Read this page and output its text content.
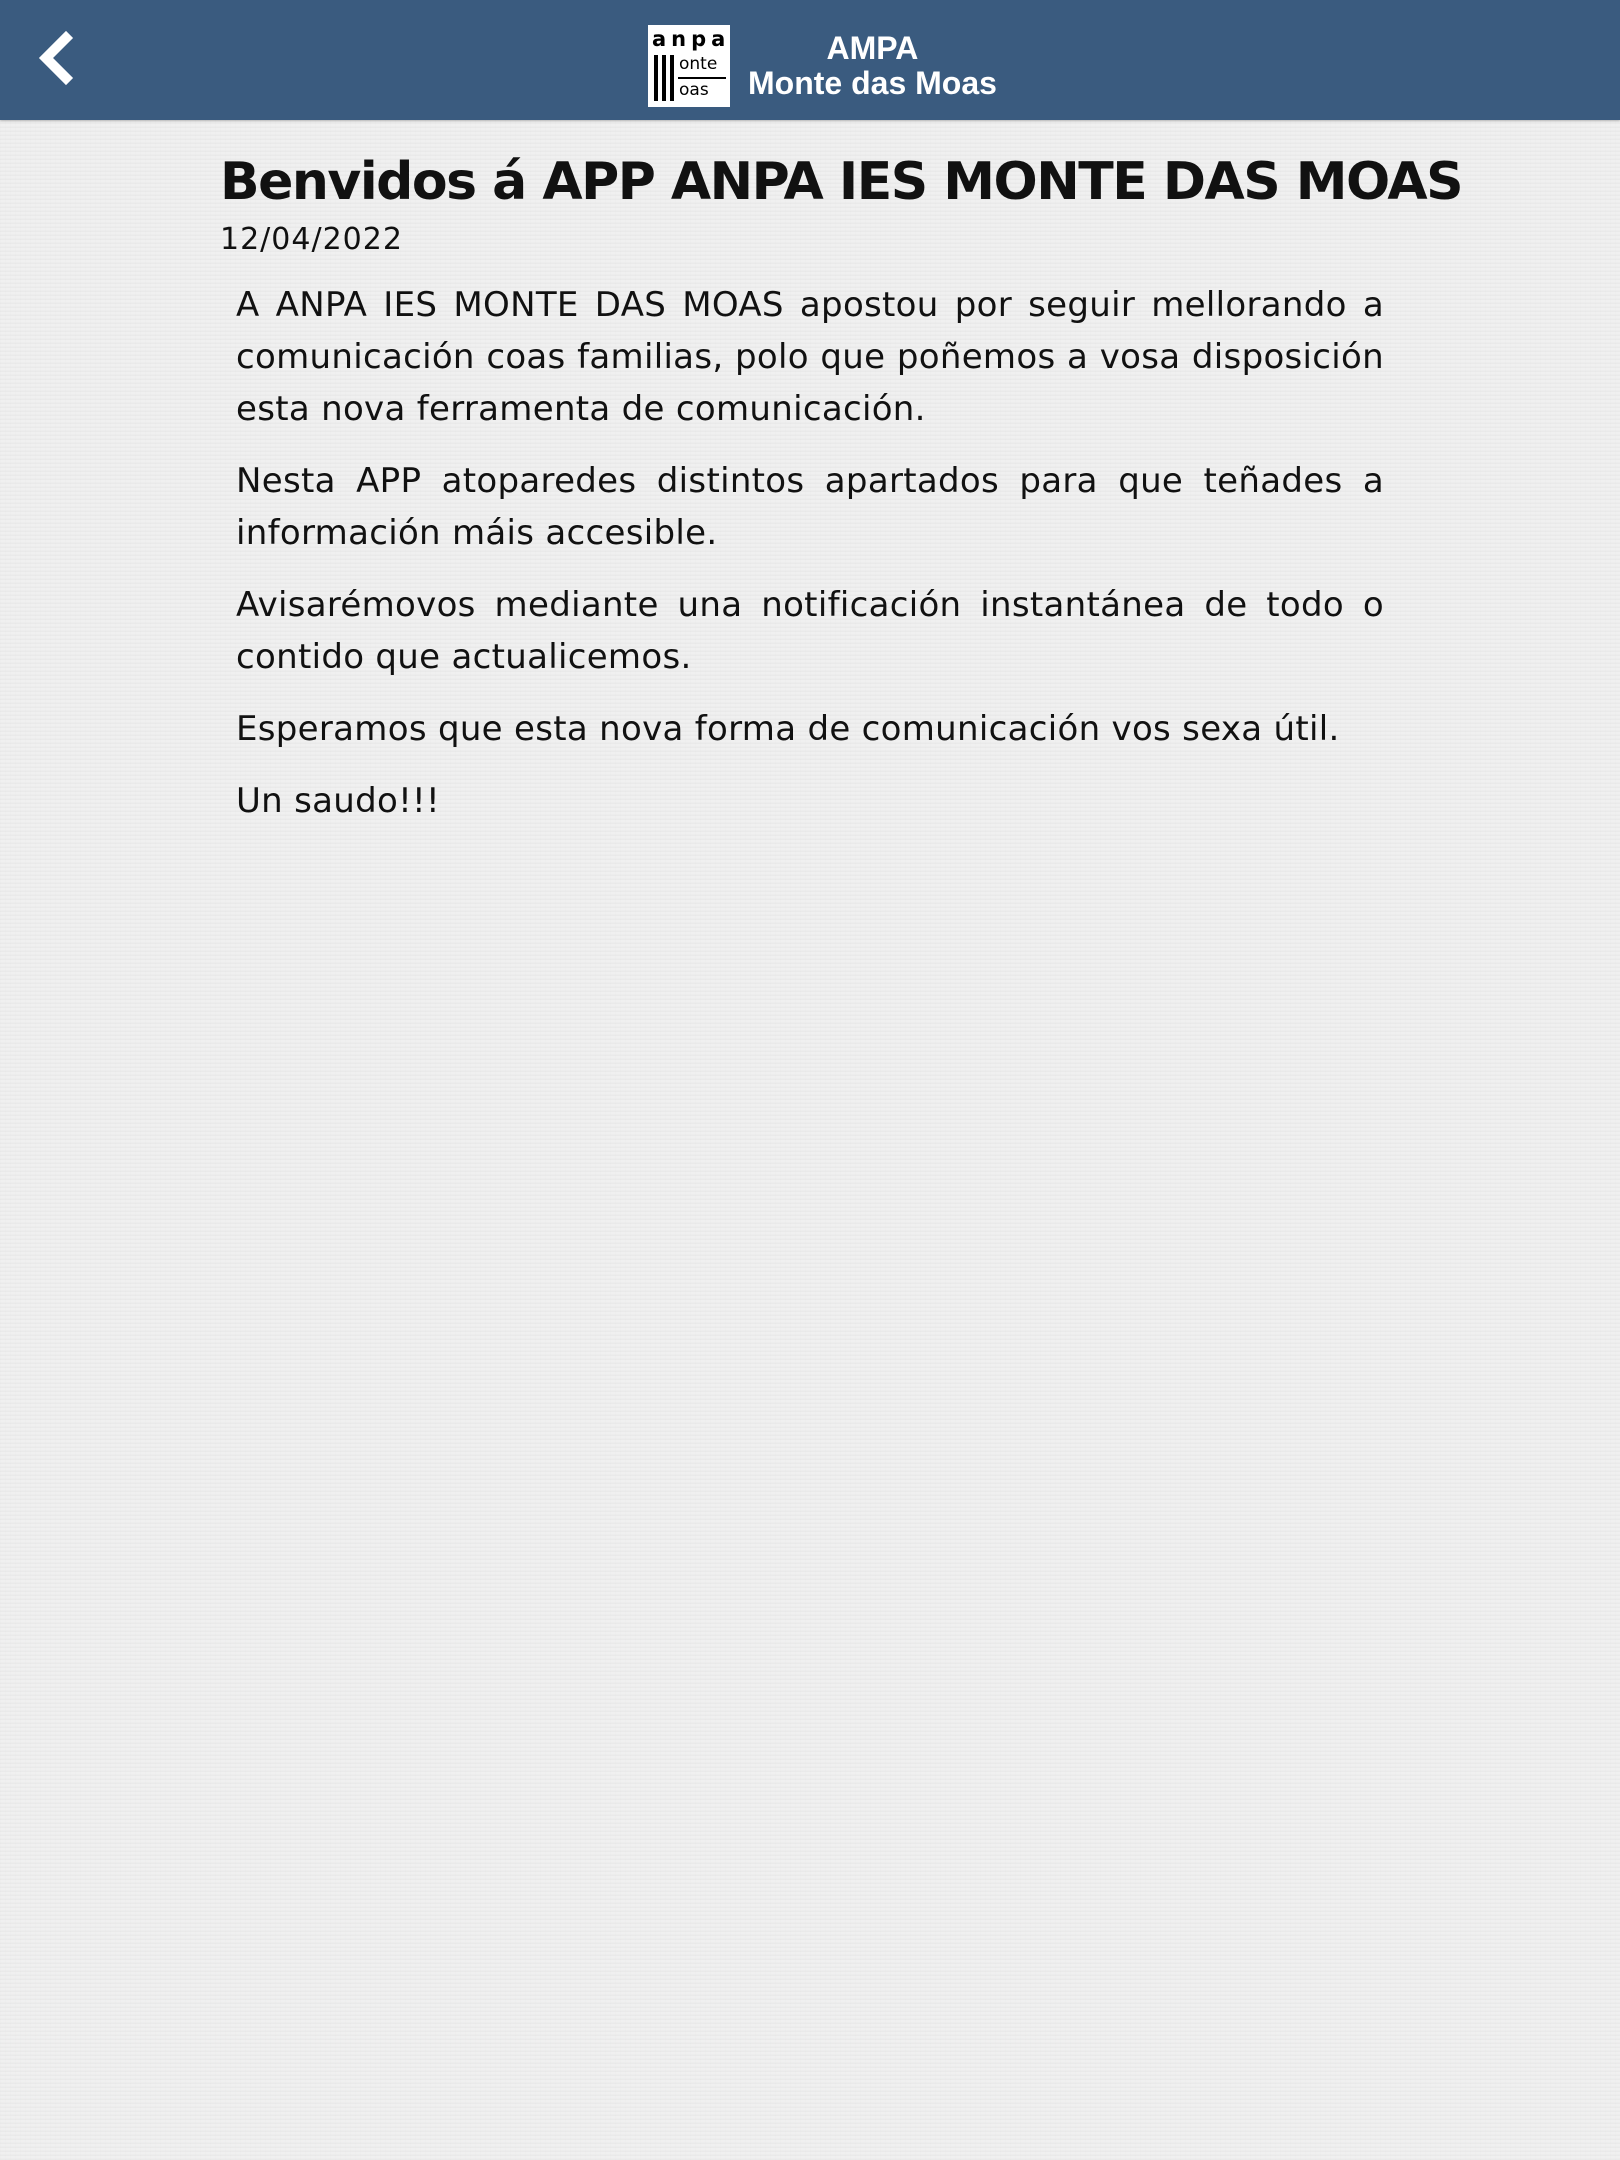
anpa
onte
oas
AMPA
Monte das Moas
Benvidos á APP ANPA IES MONTE DAS MOAS
12/04/2022

A ANPA IES MONTE DAS MOAS apostou por seguir mellorando a comunicación coas familias, polo que poñemos a vosa disposición esta nova ferramenta de comunicación.

Nesta APP atoparedes distintos apartados para que teñades a información máis accesible.

Avisarémovos mediante una notificación instantánea de todo o contido que actualicemos.

Esperamos que esta nova forma de comunicación vos sexa útil.

Un saudo!!!
